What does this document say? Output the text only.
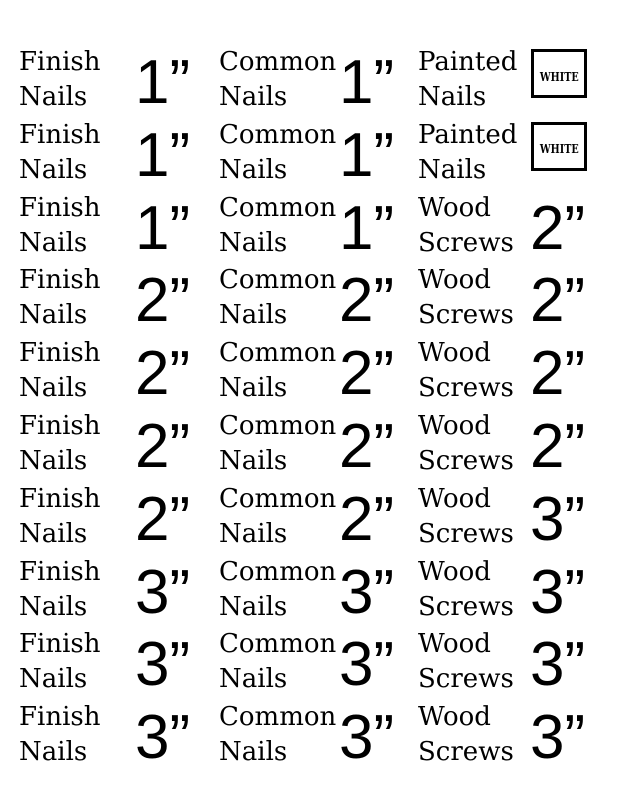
Finish
Nails 1” Common
Nails 1” Painted
Nails
WHITE
Finish
Nails 1” Common
Nails 1” Painted
Nails
WHITE
Finish
Nails 1” Common
Nails 1” Wood
Screws 2”
Finish
Nails 2” Common
Nails 2” Wood
Screws 2”
Finish
Nails 2” Common
Nails 2” Wood
Screws 2”
Finish
Nails 2” Common
Nails 2” Wood
Screws 2”
Finish
Nails 2” Common
Nails 2” Wood
Screws 3”
Finish
Nails 3” Common
Nails 3” Wood
Screws 3”
Finish
Nails 3” Common
Nails 3” Wood
Screws 3”
Finish
Nails 3” Common
Nails 3” Wood
Screws 3”
